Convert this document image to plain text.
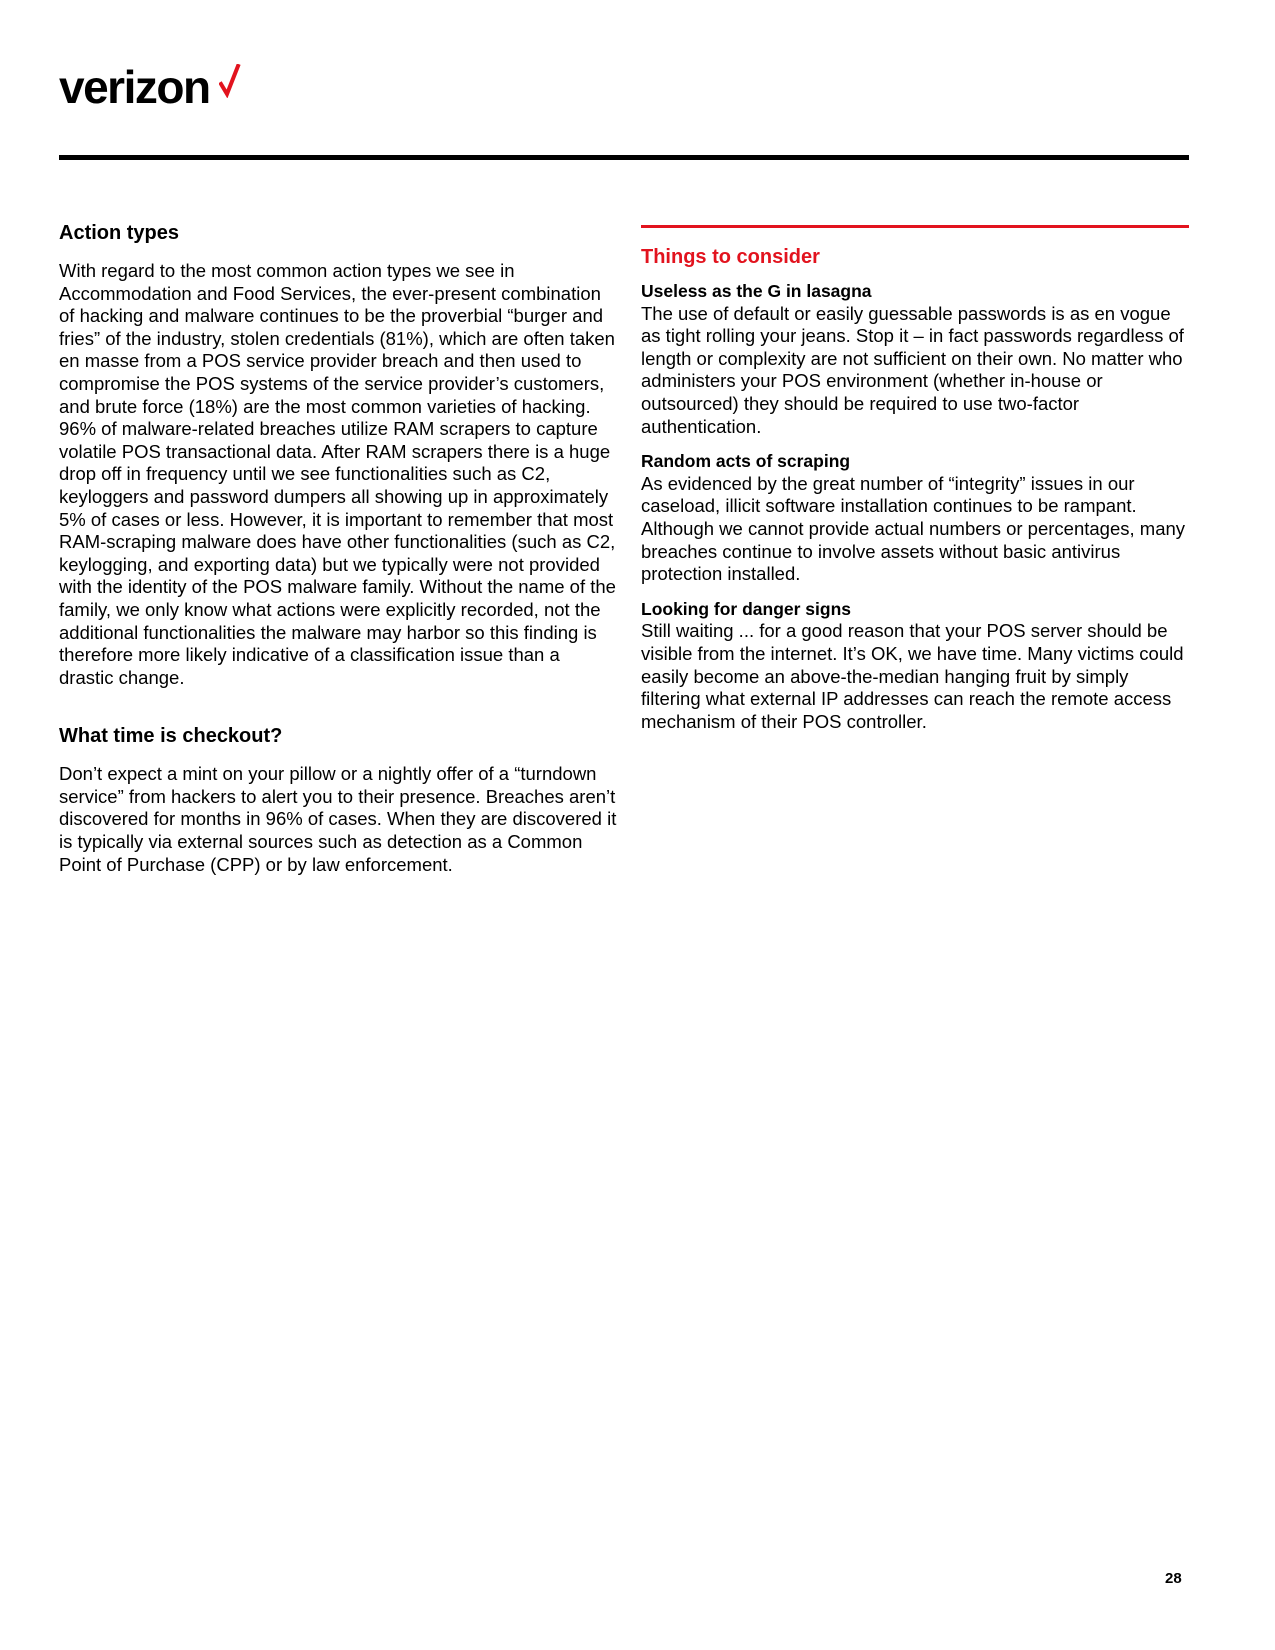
verizon
Action types

With regard to the most common action types we see in Accommodation and Food Services, the ever-present combination of hacking and malware continues to be the proverbial “burger and fries” of the industry, stolen credentials (81%), which are often taken en masse from a POS service provider breach and then used to compromise the POS systems of the service provider’s customers, and brute force (18%) are the most common varieties of hacking. 96% of malware-related breaches utilize RAM scrapers to capture volatile POS transactional data. After RAM scrapers there is a huge drop off in frequency until we see functionalities such as C2, keyloggers and password dumpers all showing up in approximately 5% of cases or less. However, it is important to remember that most RAM-scraping malware does have other functionalities (such as C2, keylogging, and exporting data) but we typically were not provided with the identity of the POS malware family. Without the name of the family, we only know what actions were explicitly recorded, not the additional functionalities the malware may harbor so this finding is therefore more likely indicative of a classification issue than a drastic change.

What time is checkout?

Don’t expect a mint on your pillow or a nightly offer of a “turndown service” from hackers to alert you to their presence. Breaches aren’t discovered for months in 96% of cases. When they are discovered it is typically via external sources such as detection as a Common Point of Purchase (CPP) or by law enforcement.

Things to consider
Useless as the G in lasagna

The use of default or easily guessable passwords is as en vogue as tight rolling your jeans. Stop it – in fact passwords regardless of length or complexity are not sufficient on their own. No matter who administers your POS environment (whether in-house or outsourced) they should be required to use two-factor authentication.

Random acts of scraping

As evidenced by the great number of “integrity” issues in our caseload, illicit software installation continues to be rampant. Although we cannot provide actual numbers or percentages, many breaches continue to involve assets without basic antivirus protection installed.

Looking for danger signs

Still waiting ... for a good reason that your POS server should be visible from the internet. It’s OK, we have time. Many victims could easily become an above-the-median hanging fruit by simply filtering what external IP addresses can reach the remote access mechanism of their POS controller.

28
